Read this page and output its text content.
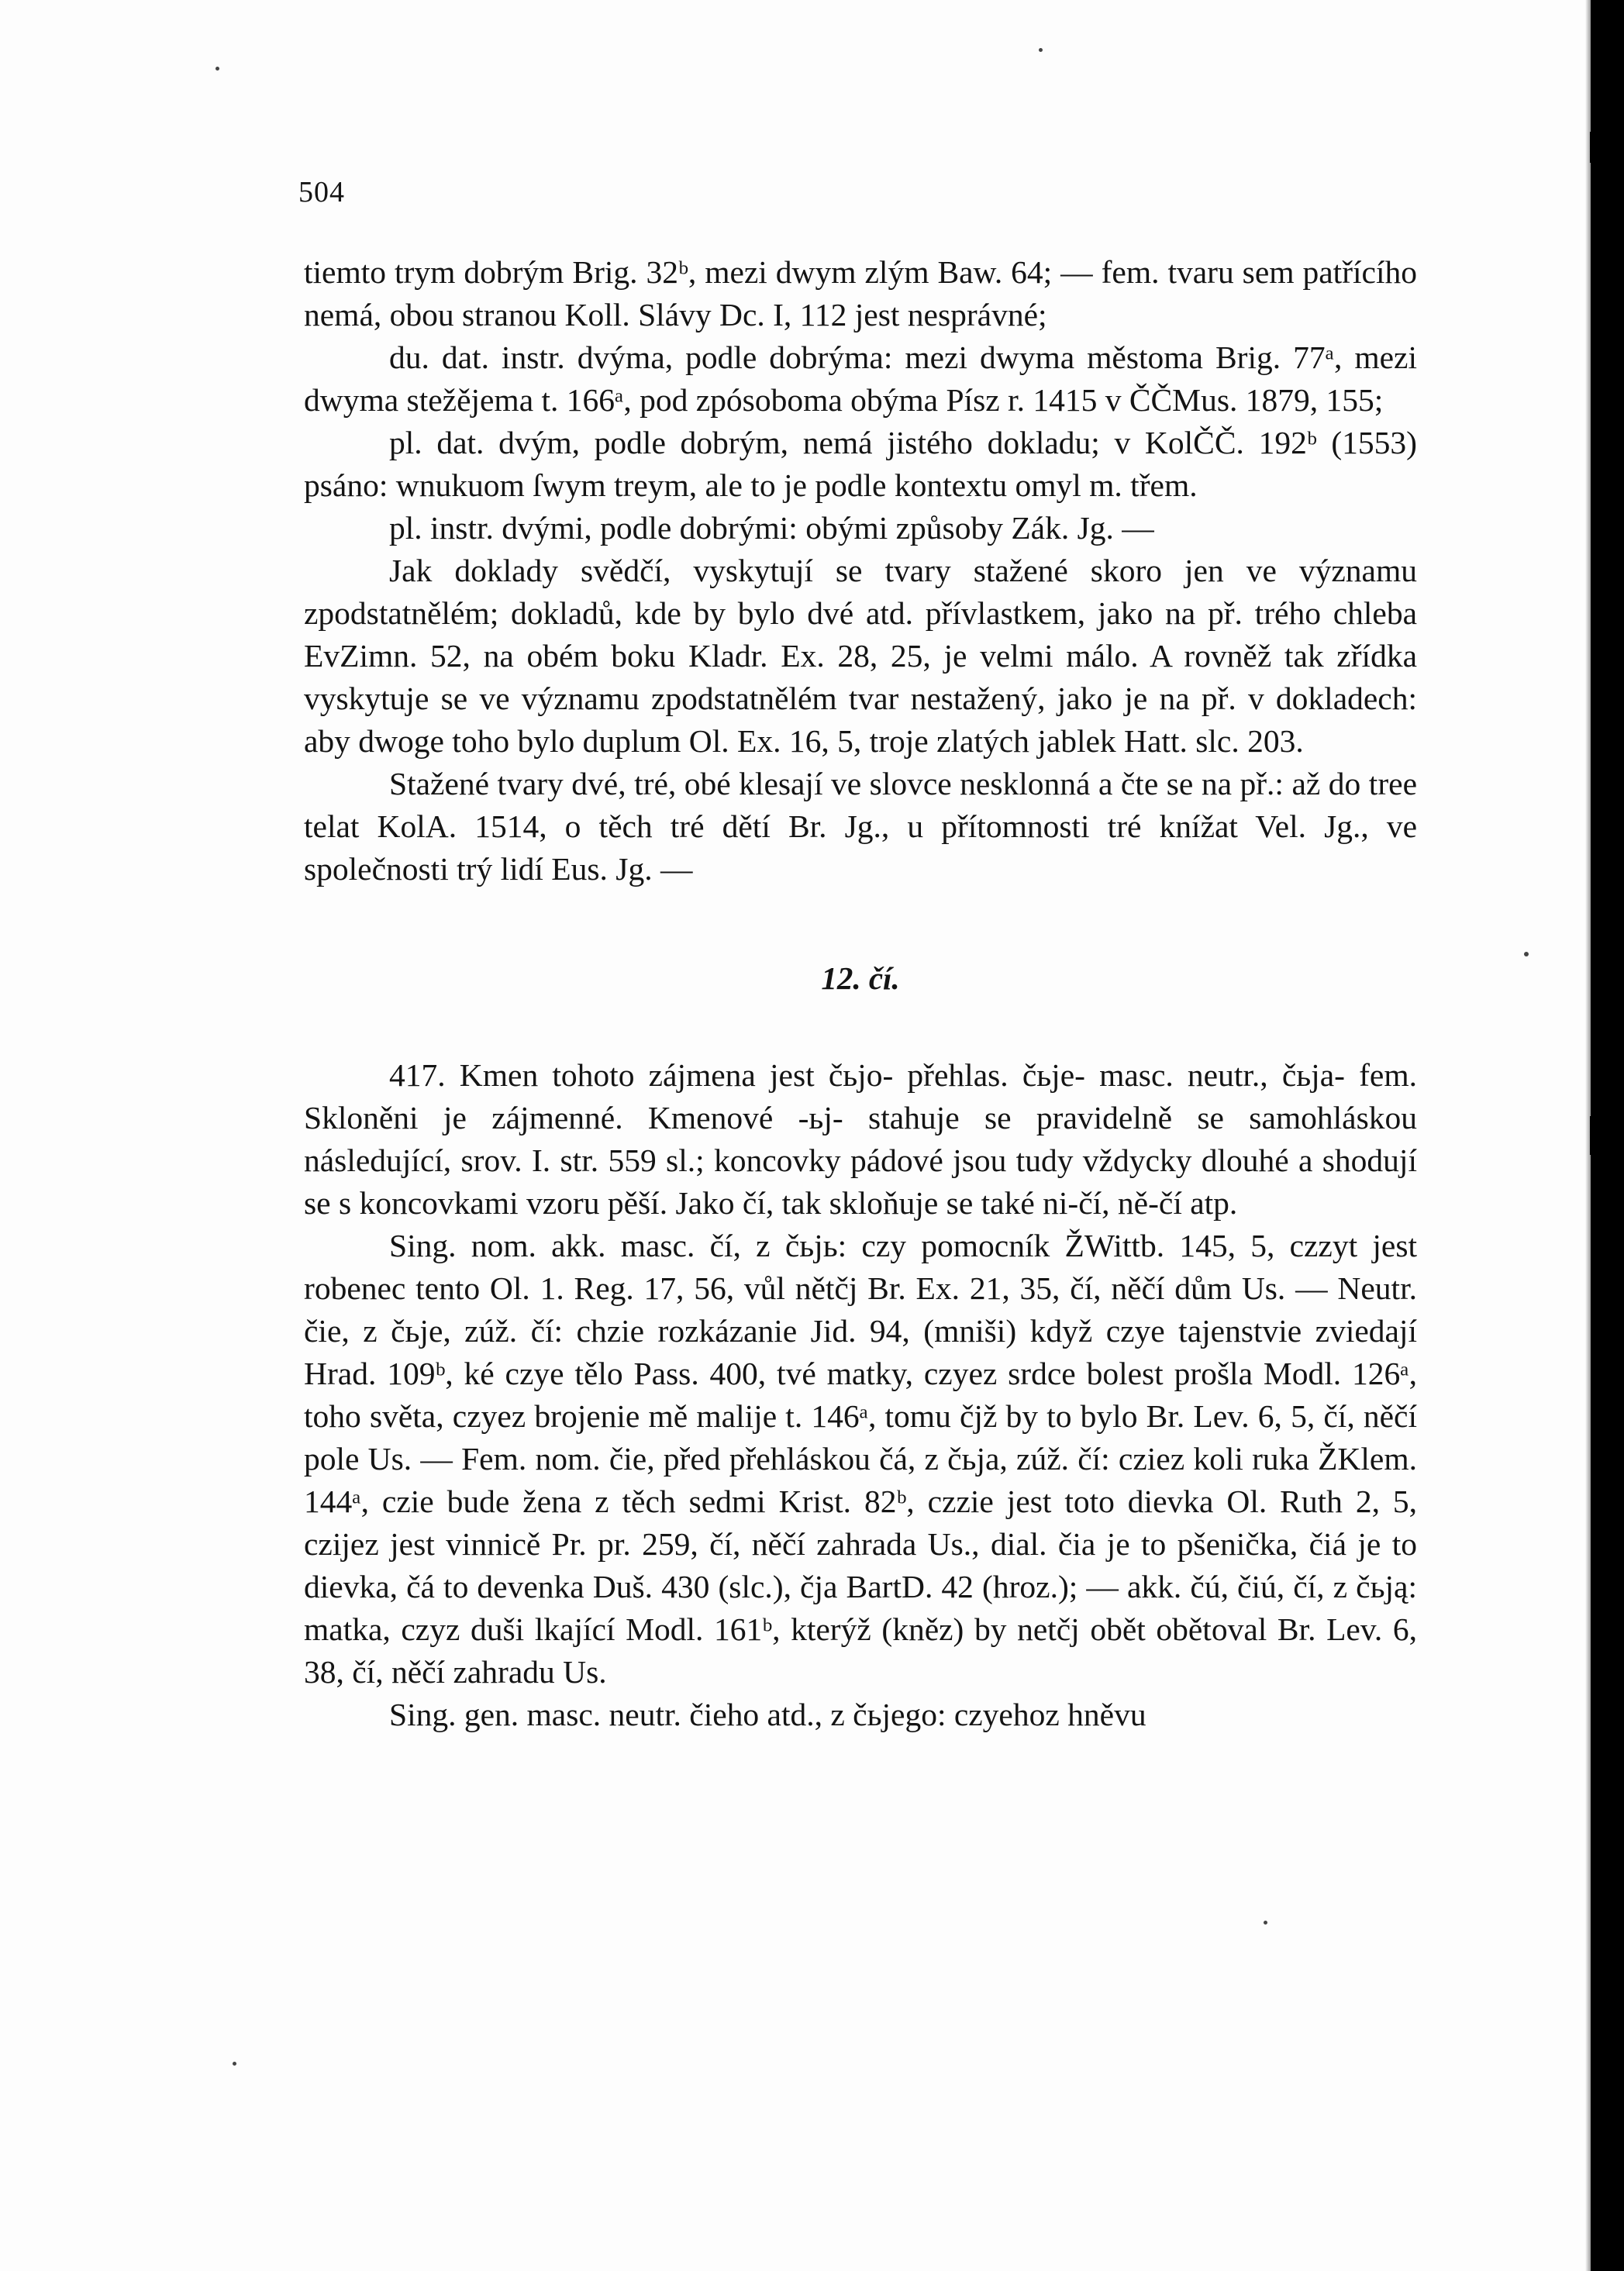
504

tiemto trym dobrým Brig. 32ᵇ, mezi dwym zlým Baw. 64; — fem. tvaru sem patřícího nemá, obou stranou Koll. Slávy Dc. I, 112 jest nesprávné;

du. dat. instr. dvýma, podle dobrýma: mezi dwyma městoma Brig. 77ᵃ, mezi dwyma stežějema t. 166ᵃ, pod zpósoboma obýma Písz r. 1415 v ČČMus. 1879, 155;

pl. dat. dvým, podle dobrým, nemá jistého dokladu; v KolČČ. 192ᵇ (1553) psáno: wnukuom ſwym treym, ale to je podle kontextu omyl m. třem.

pl. instr. dvými, podle dobrými: obými způsoby Zák. Jg. —

Jak doklady svědčí, vyskytují se tvary stažené skoro jen ve významu zpodstatnělém; dokladů, kde by bylo dvé atd. přívlastkem, jako na př. trého chleba EvZimn. 52, na obém boku Kladr. Ex. 28, 25, je velmi málo. A rovněž tak zřídka vyskytuje se ve významu zpodstatnělém tvar nestažený, jako je na př. v dokladech: aby dwoge toho bylo duplum Ol. Ex. 16, 5, troje zlatých jablek Hatt. slc. 203.

Stažené tvary dvé, tré, obé klesají ve slovce nesklonná a čte se na př.: až do tree telat KolA. 1514, o těch tré dětí Br. Jg., u přítomnosti tré knížat Vel. Jg., ve společnosti trý lidí Eus. Jg. —

12. čí.

417. Kmen tohoto zájmena jest čьjo- přehlas. čьje- masc. neutr., čьja- fem. Skloněni je zájmenné. Kmenové -ьj- stahuje se pravidelně se samohláskou následující, srov. I. str. 559 sl.; koncovky pádové jsou tudy vždycky dlouhé a shodují se s koncovkami vzoru pěší. Jako čí, tak skloňuje se také ni-čí, ně-čí atp.

Sing. nom. akk. masc. čí, z čьjь: czy pomocník ŽWittb. 145, 5, czzyt jest robenec tento Ol. 1. Reg. 17, 56, vůl nětčj Br. Ex. 21, 35, čí, něčí dům Us. — Neutr. čie, z čьje, zúž. čí: chzie rozkázanie Jid. 94, (mniši) když czye tajenstvie zviedají Hrad. 109ᵇ, ké czye tělo Pass. 400, tvé matky, czyez srdce bolest prošla Modl. 126ᵃ, toho světa, czyez brojenie mě malije t. 146ᵃ, tomu čjž by to bylo Br. Lev. 6, 5, čí, něčí pole Us. — Fem. nom. čie, před přehláskou čá, z čьja, zúž. čí: cziez koli ruka ŽKlem. 144ᵃ, czie bude žena z těch sedmi Krist. 82ᵇ, czzie jest toto dievka Ol. Ruth 2, 5, czijez jest vinnicě Pr. pr. 259, čí, něčí zahrada Us., dial. čia je to pšenička, čiá je to dievka, čá to devenka Duš. 430 (slc.), čja BartD. 42 (hroz.); — akk. čú, čiú, čí, z čьją: matka, czyz duši lkající Modl. 161ᵇ, kterýž (kněz) by netčj obět obětoval Br. Lev. 6, 38, čí, něčí zahradu Us.

Sing. gen. masc. neutr. čieho atd., z čьjego: czyehoz hněvu
